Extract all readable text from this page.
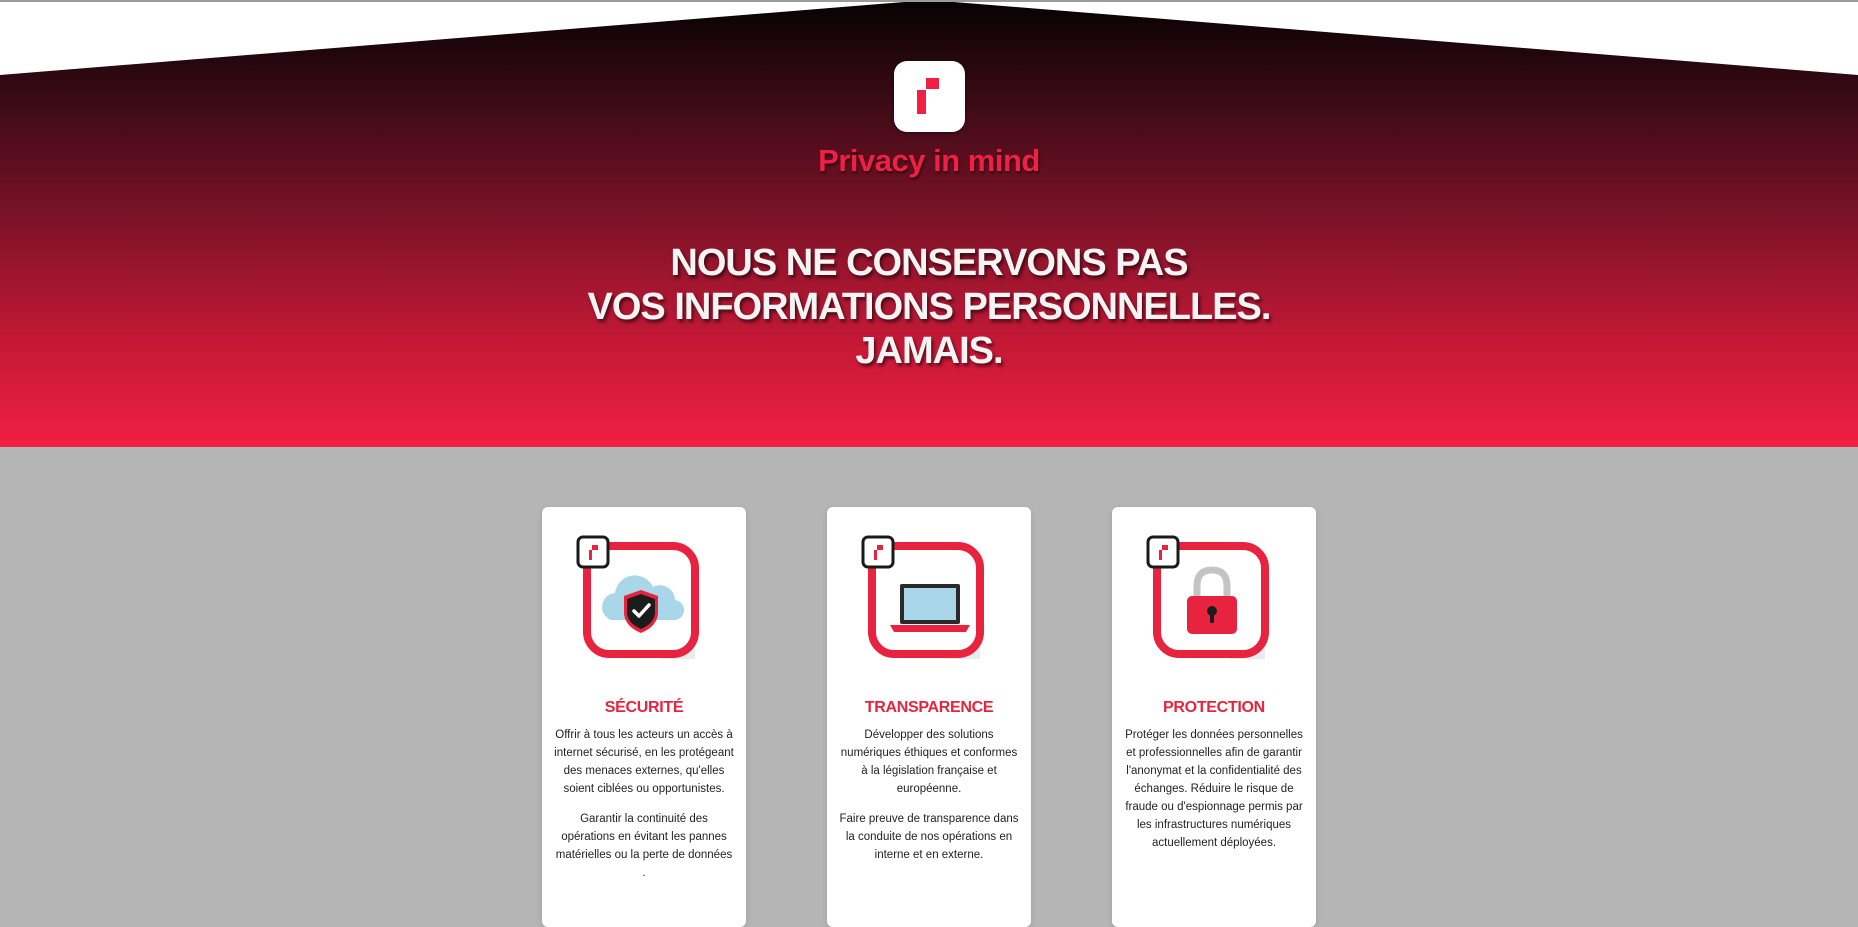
Privacy in mind
NOUS NE CONSERVONS PAS
VOS INFORMATIONS PERSONNELLES.
JAMAIS.
SÉCURITÉ

Offrir à tous les acteurs un accès à internet sécurisé, en les protégeant des menaces externes, qu'elles soient ciblées ou opportunistes.

Garantir la continuité des opérations en évitant les pannes matérielles ou la perte de données .

TRANSPARENCE

Développer des solutions numériques éthiques et conformes à la législation française et européenne.

Faire preuve de transparence dans la conduite de nos opérations en interne et en externe.

PROTECTION

Protéger les données personnelles et professionnelles afin de garantir l'anonymat et la confidentialité des échanges. Réduire le risque de fraude ou d'espionnage permis par les infrastructures numériques actuellement déployées.
